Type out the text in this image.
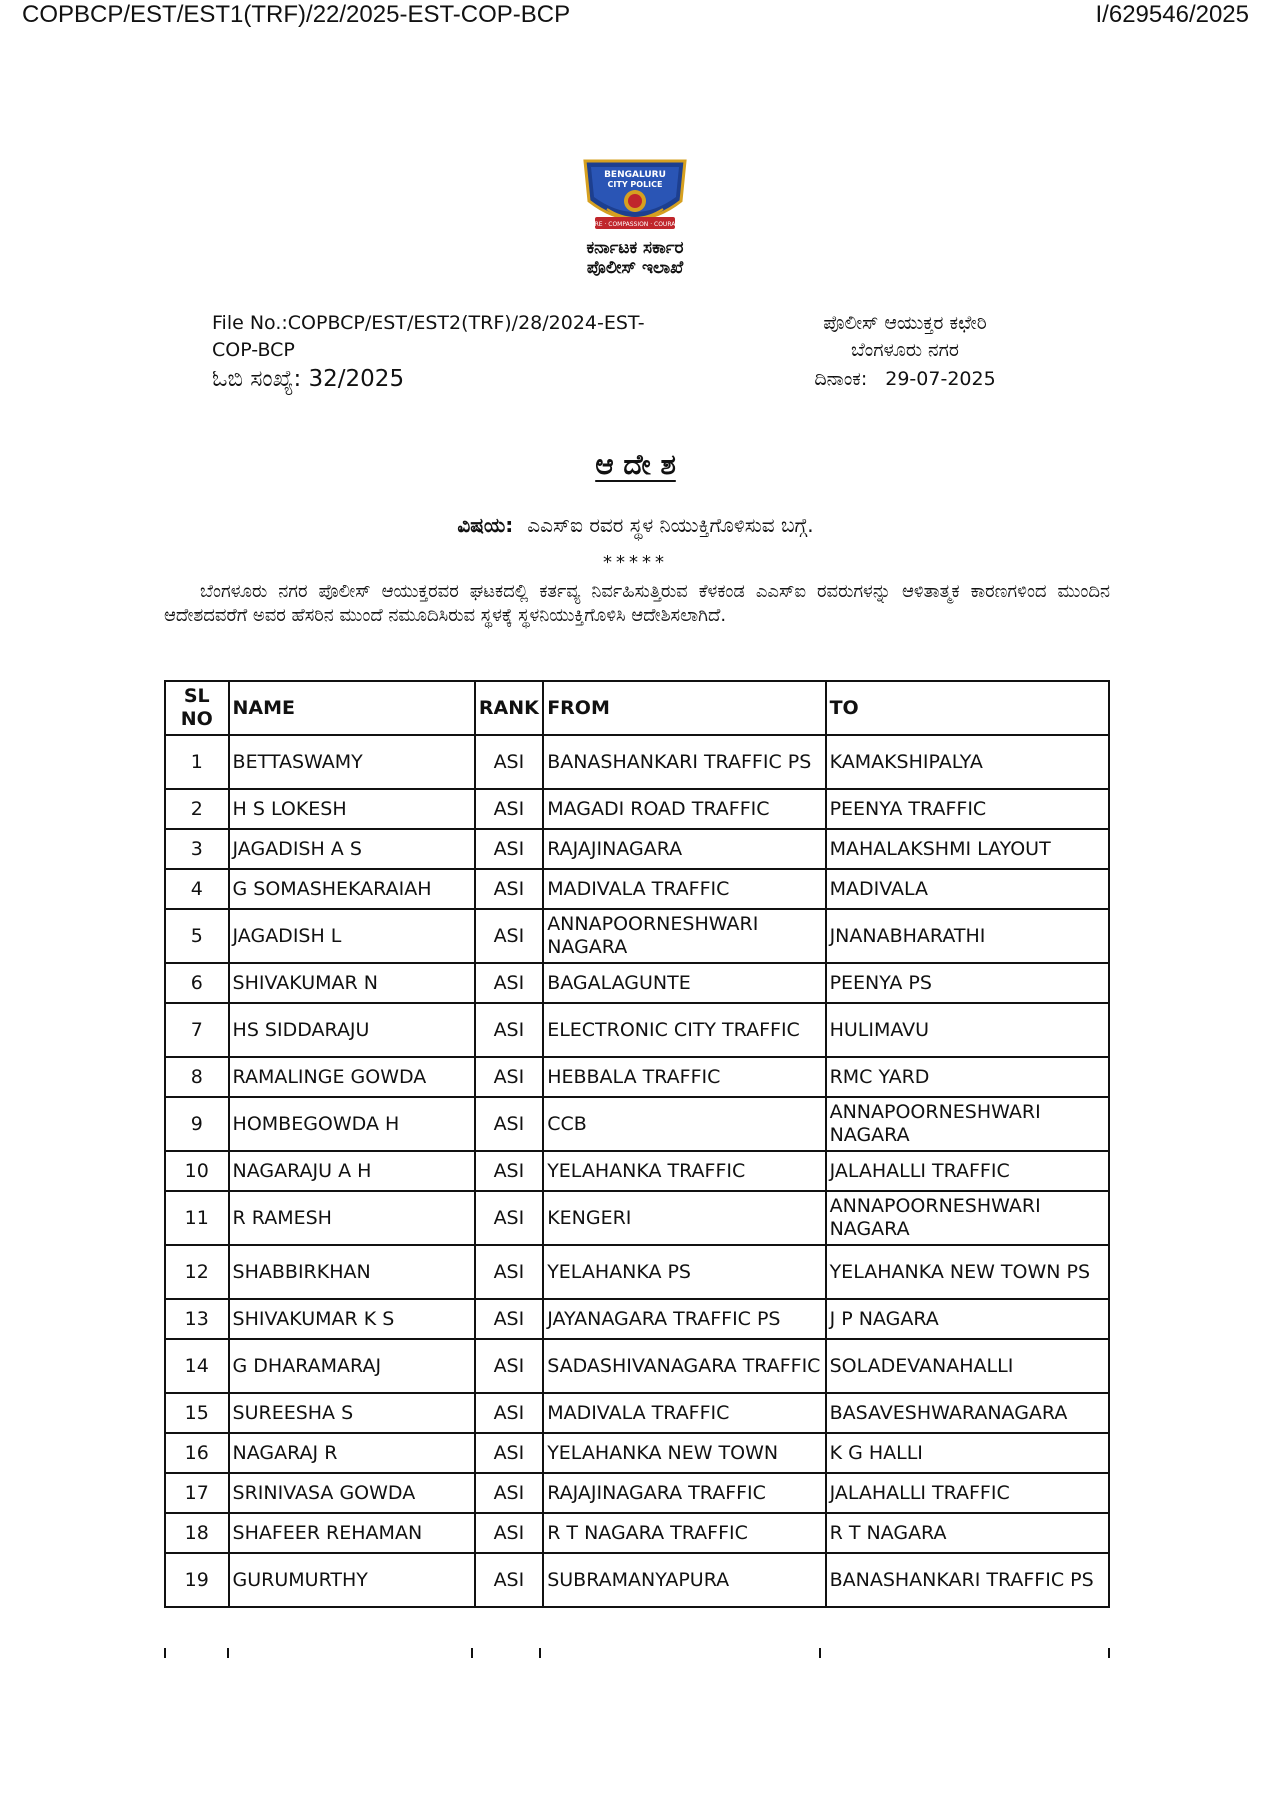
COPBCP/EST/EST1(TRF)/22/2025-EST-COP-BCP	I/629546/2025
BENGALURU
CITY POLICE
CARE · COMPASSION · COURAGE
ಕರ್ನಾಟಕ ಸರ್ಕಾರ
ಪೊಲೀಸ್ ಇಲಾಖೆ
File No.:COPBCP/EST/EST2(TRF)/28/2024-EST-
COP-BCP
ಓಬಿ ಸಂಖ್ಯೆ: 32/2025
ಪೊಲೀಸ್ ಆಯುಕ್ತರ ಕಛೇರಿ
ಬೆಂಗಳೂರು ನಗರ
ದಿನಾಂಕ: 29-07-2025
ಆ ದೇ ಶ
ವಿಷಯ: ಎಎಸ್‌ಐ ರವರ ಸ್ಥಳ ನಿಯುಕ್ತಿಗೊಳಿಸುವ ಬಗ್ಗೆ.
*****
ಬೆಂಗಳೂರು ನಗರ ಪೊಲೀಸ್ ಆಯುಕ್ತರವರ ಘಟಕದಲ್ಲಿ ಕರ್ತವ್ಯ ನಿರ್ವಹಿಸುತ್ತಿರುವ ಕೆಳಕಂಡ ಎಎಸ್‌ಐ ರವರುಗಳನ್ನು ಆಳಿತಾತ್ಮಕ ಕಾರಣಗಳಿಂದ ಮುಂದಿನ ಆದೇಶದವರೆಗೆ ಅವರ ಹೆಸರಿನ ಮುಂದೆ ನಮೂದಿಸಿರುವ ಸ್ಥಳಕ್ಕೆ ಸ್ಥಳನಿಯುಕ್ತಿಗೊಳಿಸಿ ಆದೇಶಿಸಲಾಗಿದೆ.
SL
NO	NAME	RANK	FROM	TO
1	BETTASWAMY	ASI	BANASHANKARI TRAFFIC PS	KAMAKSHIPALYA
2	H S LOKESH	ASI	MAGADI ROAD TRAFFIC	PEENYA TRAFFIC
3	JAGADISH A S	ASI	RAJAJINAGARA	MAHALAKSHMI LAYOUT
4	G SOMASHEKARAIAH	ASI	MADIVALA TRAFFIC	MADIVALA
5	JAGADISH L	ASI	ANNAPOORNESHWARI NAGARA	JNANABHARATHI
6	SHIVAKUMAR N	ASI	BAGALAGUNTE	PEENYA PS
7	HS SIDDARAJU	ASI	ELECTRONIC CITY TRAFFIC	HULIMAVU
8	RAMALINGE GOWDA	ASI	HEBBALA TRAFFIC	RMC YARD
9	HOMBEGOWDA H	ASI	CCB	ANNAPOORNESHWARI NAGARA
10	NAGARAJU A H	ASI	YELAHANKA TRAFFIC	JALAHALLI TRAFFIC
11	R RAMESH	ASI	KENGERI	ANNAPOORNESHWARI NAGARA
12	SHABBIRKHAN	ASI	YELAHANKA PS	YELAHANKA NEW TOWN PS
13	SHIVAKUMAR K S	ASI	JAYANAGARA TRAFFIC PS	J P NAGARA
14	G DHARAMARAJ	ASI	SADASHIVANAGARA TRAFFIC	SOLADEVANAHALLI
15	SUREESHA S	ASI	MADIVALA TRAFFIC	BASAVESHWARANAGARA
16	NAGARAJ R	ASI	YELAHANKA NEW TOWN	K G HALLI
17	SRINIVASA GOWDA	ASI	RAJAJINAGARA TRAFFIC	JALAHALLI TRAFFIC
18	SHAFEER REHAMAN	ASI	R T NAGARA TRAFFIC	R T NAGARA
19	GURUMURTHY	ASI	SUBRAMANYAPURA	BANASHANKARI TRAFFIC PS
